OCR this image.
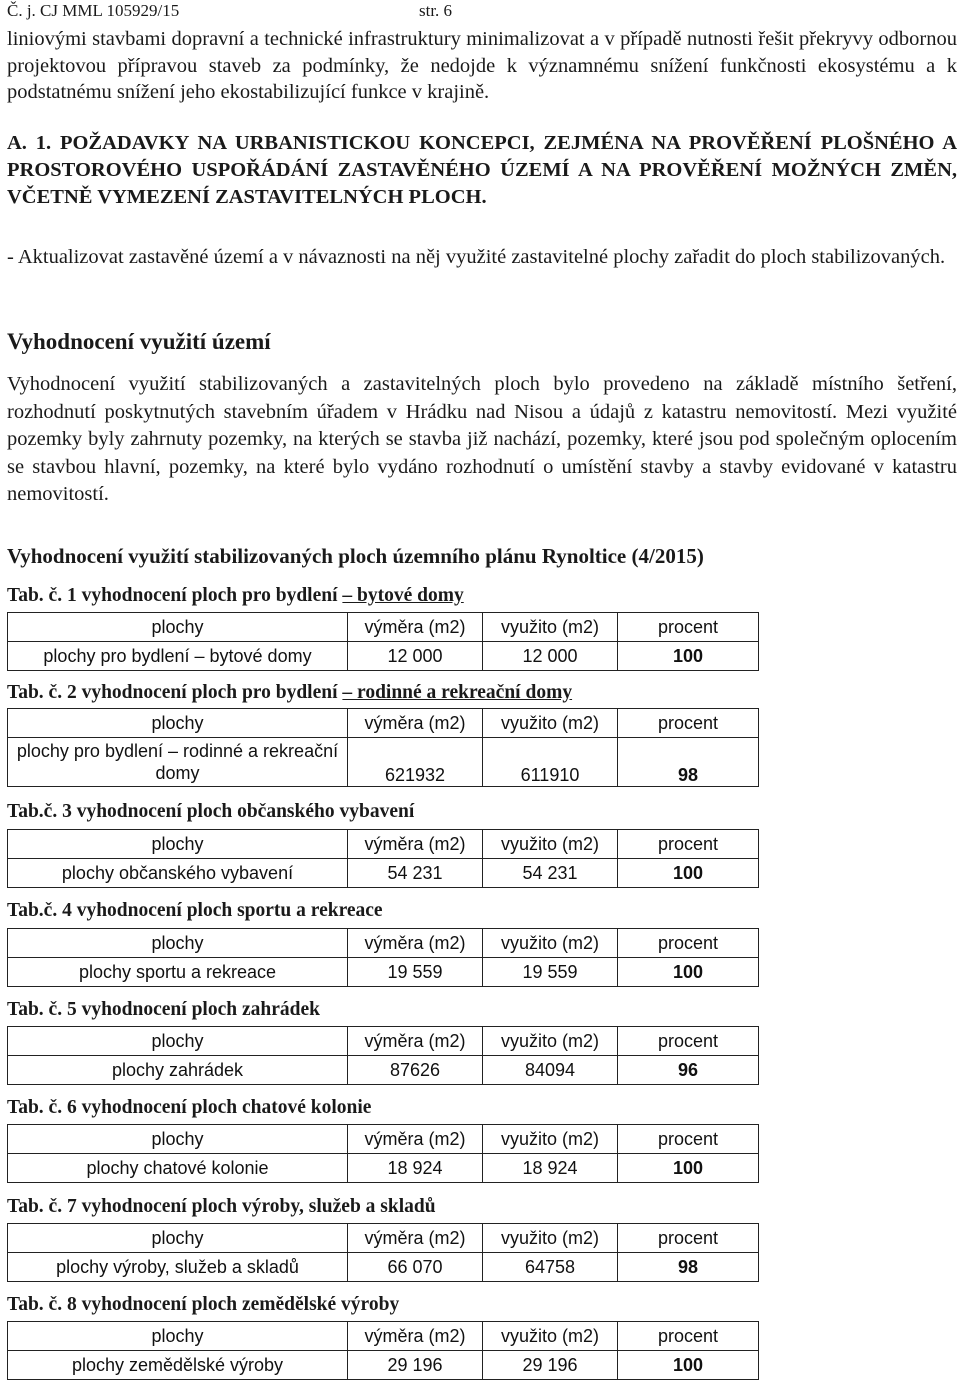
Č. j. CJ MML 105929/15	str. 6
liniovými stavbami dopravní a technické infrastruktury minimalizovat a v případě nutnosti řešit překryvy odbornou projektovou přípravou staveb za podmínky, že nedojde k významnému snížení funkčnosti ekosystému a k podstatnému snížení jeho ekostabilizující funkce v krajině.
A. 1. POŽADAVKY NA URBANISTICKOU KONCEPCI, ZEJMÉNA NA PROVĚŘENÍ PLOŠNÉHO A PROSTOROVÉHO USPOŘÁDÁNÍ ZASTAVĚNÉHO ÚZEMÍ A NA PROVĚŘENÍ MOŽNÝCH ZMĚN, VČETNĚ VYMEZENÍ ZASTAVITELNÝCH PLOCH.
- Aktualizovat zastavěné území a v návaznosti na něj využité zastavitelné plochy zařadit do ploch stabilizovaných.
Vyhodnocení využití území
Vyhodnocení využití stabilizovaných a zastavitelných ploch bylo provedeno na základě místního šetření, rozhodnutí poskytnutých stavebním úřadem v Hrádku nad Nisou a údajů z katastru nemovitostí. Mezi využité pozemky byly zahrnuty pozemky, na kterých se stavba již nachází, pozemky, které jsou pod společným oplocením se stavbou hlavní, pozemky, na které bylo vydáno rozhodnutí o umístění stavby a stavby evidované v katastru nemovitostí.
Vyhodnocení využití stabilizovaných ploch územního plánu Rynoltice (4/2015)
Tab. č. 1 vyhodnocení ploch pro bydlení – bytové domy
plochy	výměra (m2)	využito (m2)	procent
plochy pro bydlení – bytové domy	12 000	12 000	100
Tab. č. 2 vyhodnocení ploch pro bydlení – rodinné a rekreační domy
plochy	výměra (m2)	využito (m2)	procent

plochy pro bydlení – rodinné a rekreační
domy	621932	611910	98
Tab.č. 3 vyhodnocení ploch občanského vybavení
plochy	výměra (m2)	využito (m2)	procent
plochy občanského vybavení	54 231	54 231	100
Tab.č. 4 vyhodnocení ploch sportu a rekreace
plochy	výměra (m2)	využito (m2)	procent
plochy sportu a rekreace	19 559	19 559	100
Tab. č. 5 vyhodnocení ploch zahrádek
plochy	výměra (m2)	využito (m2)	procent
plochy zahrádek	87626	84094	96
Tab. č. 6 vyhodnocení ploch chatové kolonie
plochy	výměra (m2)	využito (m2)	procent
plochy chatové kolonie	18 924	18 924	100
Tab. č. 7 vyhodnocení ploch výroby, služeb a skladů
plochy	výměra (m2)	využito (m2)	procent
plochy výroby, služeb a skladů	66 070	64758	98
Tab. č. 8 vyhodnocení ploch zemědělské výroby
plochy	výměra (m2)	využito (m2)	procent
plochy zemědělské výroby	29 196	29 196	100
